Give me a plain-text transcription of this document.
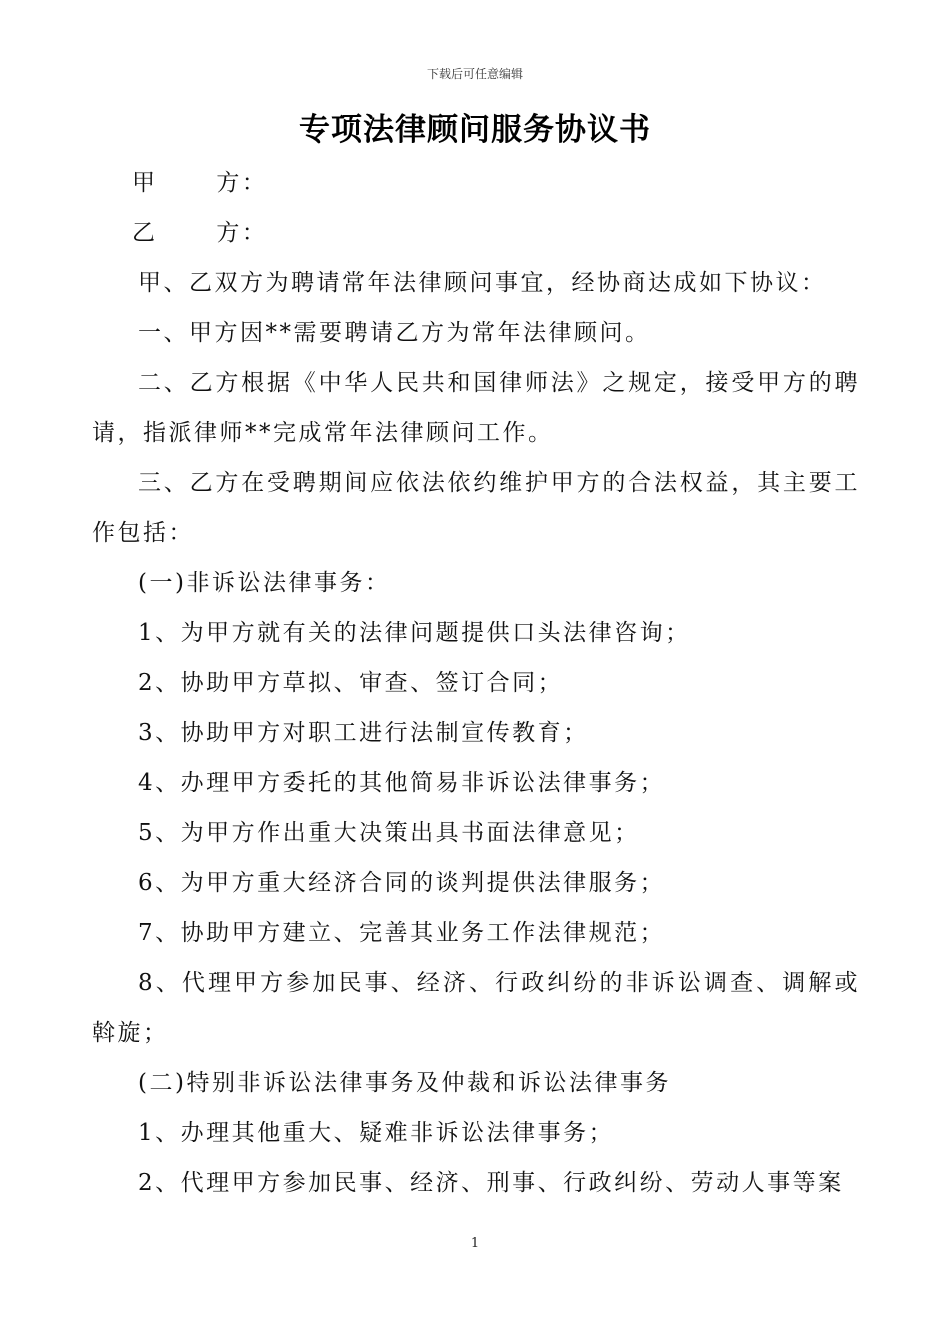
下载后可任意编辑
专项法律顾问服务协议书

甲      方：

乙      方：

甲、乙双方为聘请常年法律顾问事宜，经协商达成如下协议：

一、甲方因**需要聘请乙方为常年法律顾问。

二、乙方根据《中华人民共和国律师法》之规定，接受甲方的聘请，指派律师**完成常年法律顾问工作。

三、乙方在受聘期间应依法依约维护甲方的合法权益，其主要工作包括：

(一)非诉讼法律事务：

1、为甲方就有关的法律问题提供口头法律咨询；

2、协助甲方草拟、审查、签订合同；

3、协助甲方对职工进行法制宣传教育；

4、办理甲方委托的其他简易非诉讼法律事务；

5、为甲方作出重大决策出具书面法律意见；

6、为甲方重大经济合同的谈判提供法律服务；

7、协助甲方建立、完善其业务工作法律规范；

8、代理甲方参加民事、经济、行政纠纷的非诉讼调查、调解或斡旋；

(二)特别非诉讼法律事务及仲裁和诉讼法律事务

1、办理其他重大、疑难非诉讼法律事务；

2、代理甲方参加民事、经济、刑事、行政纠纷、劳动人事等案

1
